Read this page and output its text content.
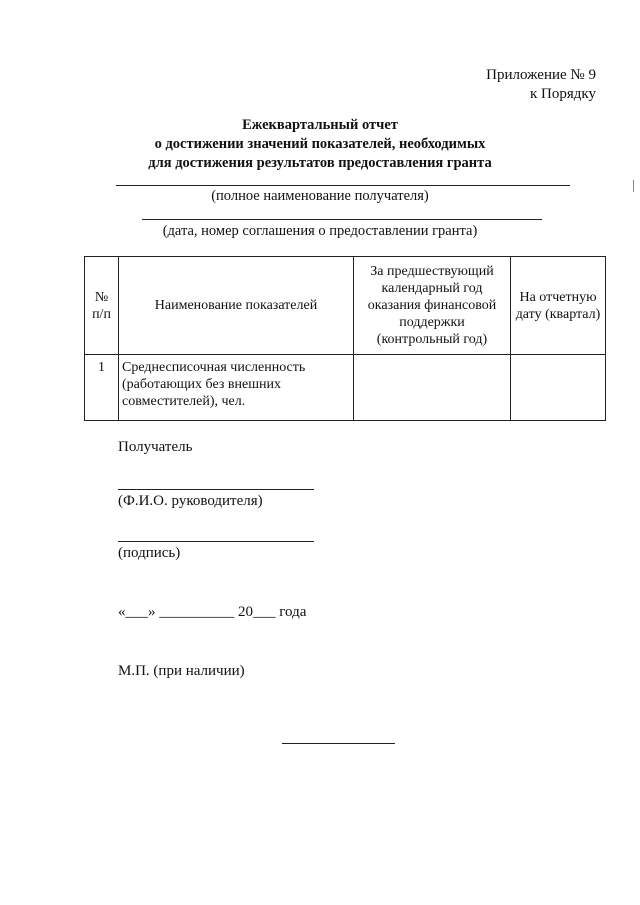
Приложение № 9
к Порядку
Ежеквартальный отчет
о достижении значений показателей, необходимых
для достижения результатов предоставления гранта
(полное наименование получателя)
(дата, номер соглашения о предоставлении гранта)
№
п/п	Наименование показателей	За предшествующий календарный год оказания финансовой поддержки (контрольный год)	На отчетную дату (квартал)
1	Среднесписочная численность (работающих без внешних совместителей), чел.		
Получатель
(Ф.И.О. руководителя)
(подпись)
«___» __________ 20___ года
М.П. (при наличии)
